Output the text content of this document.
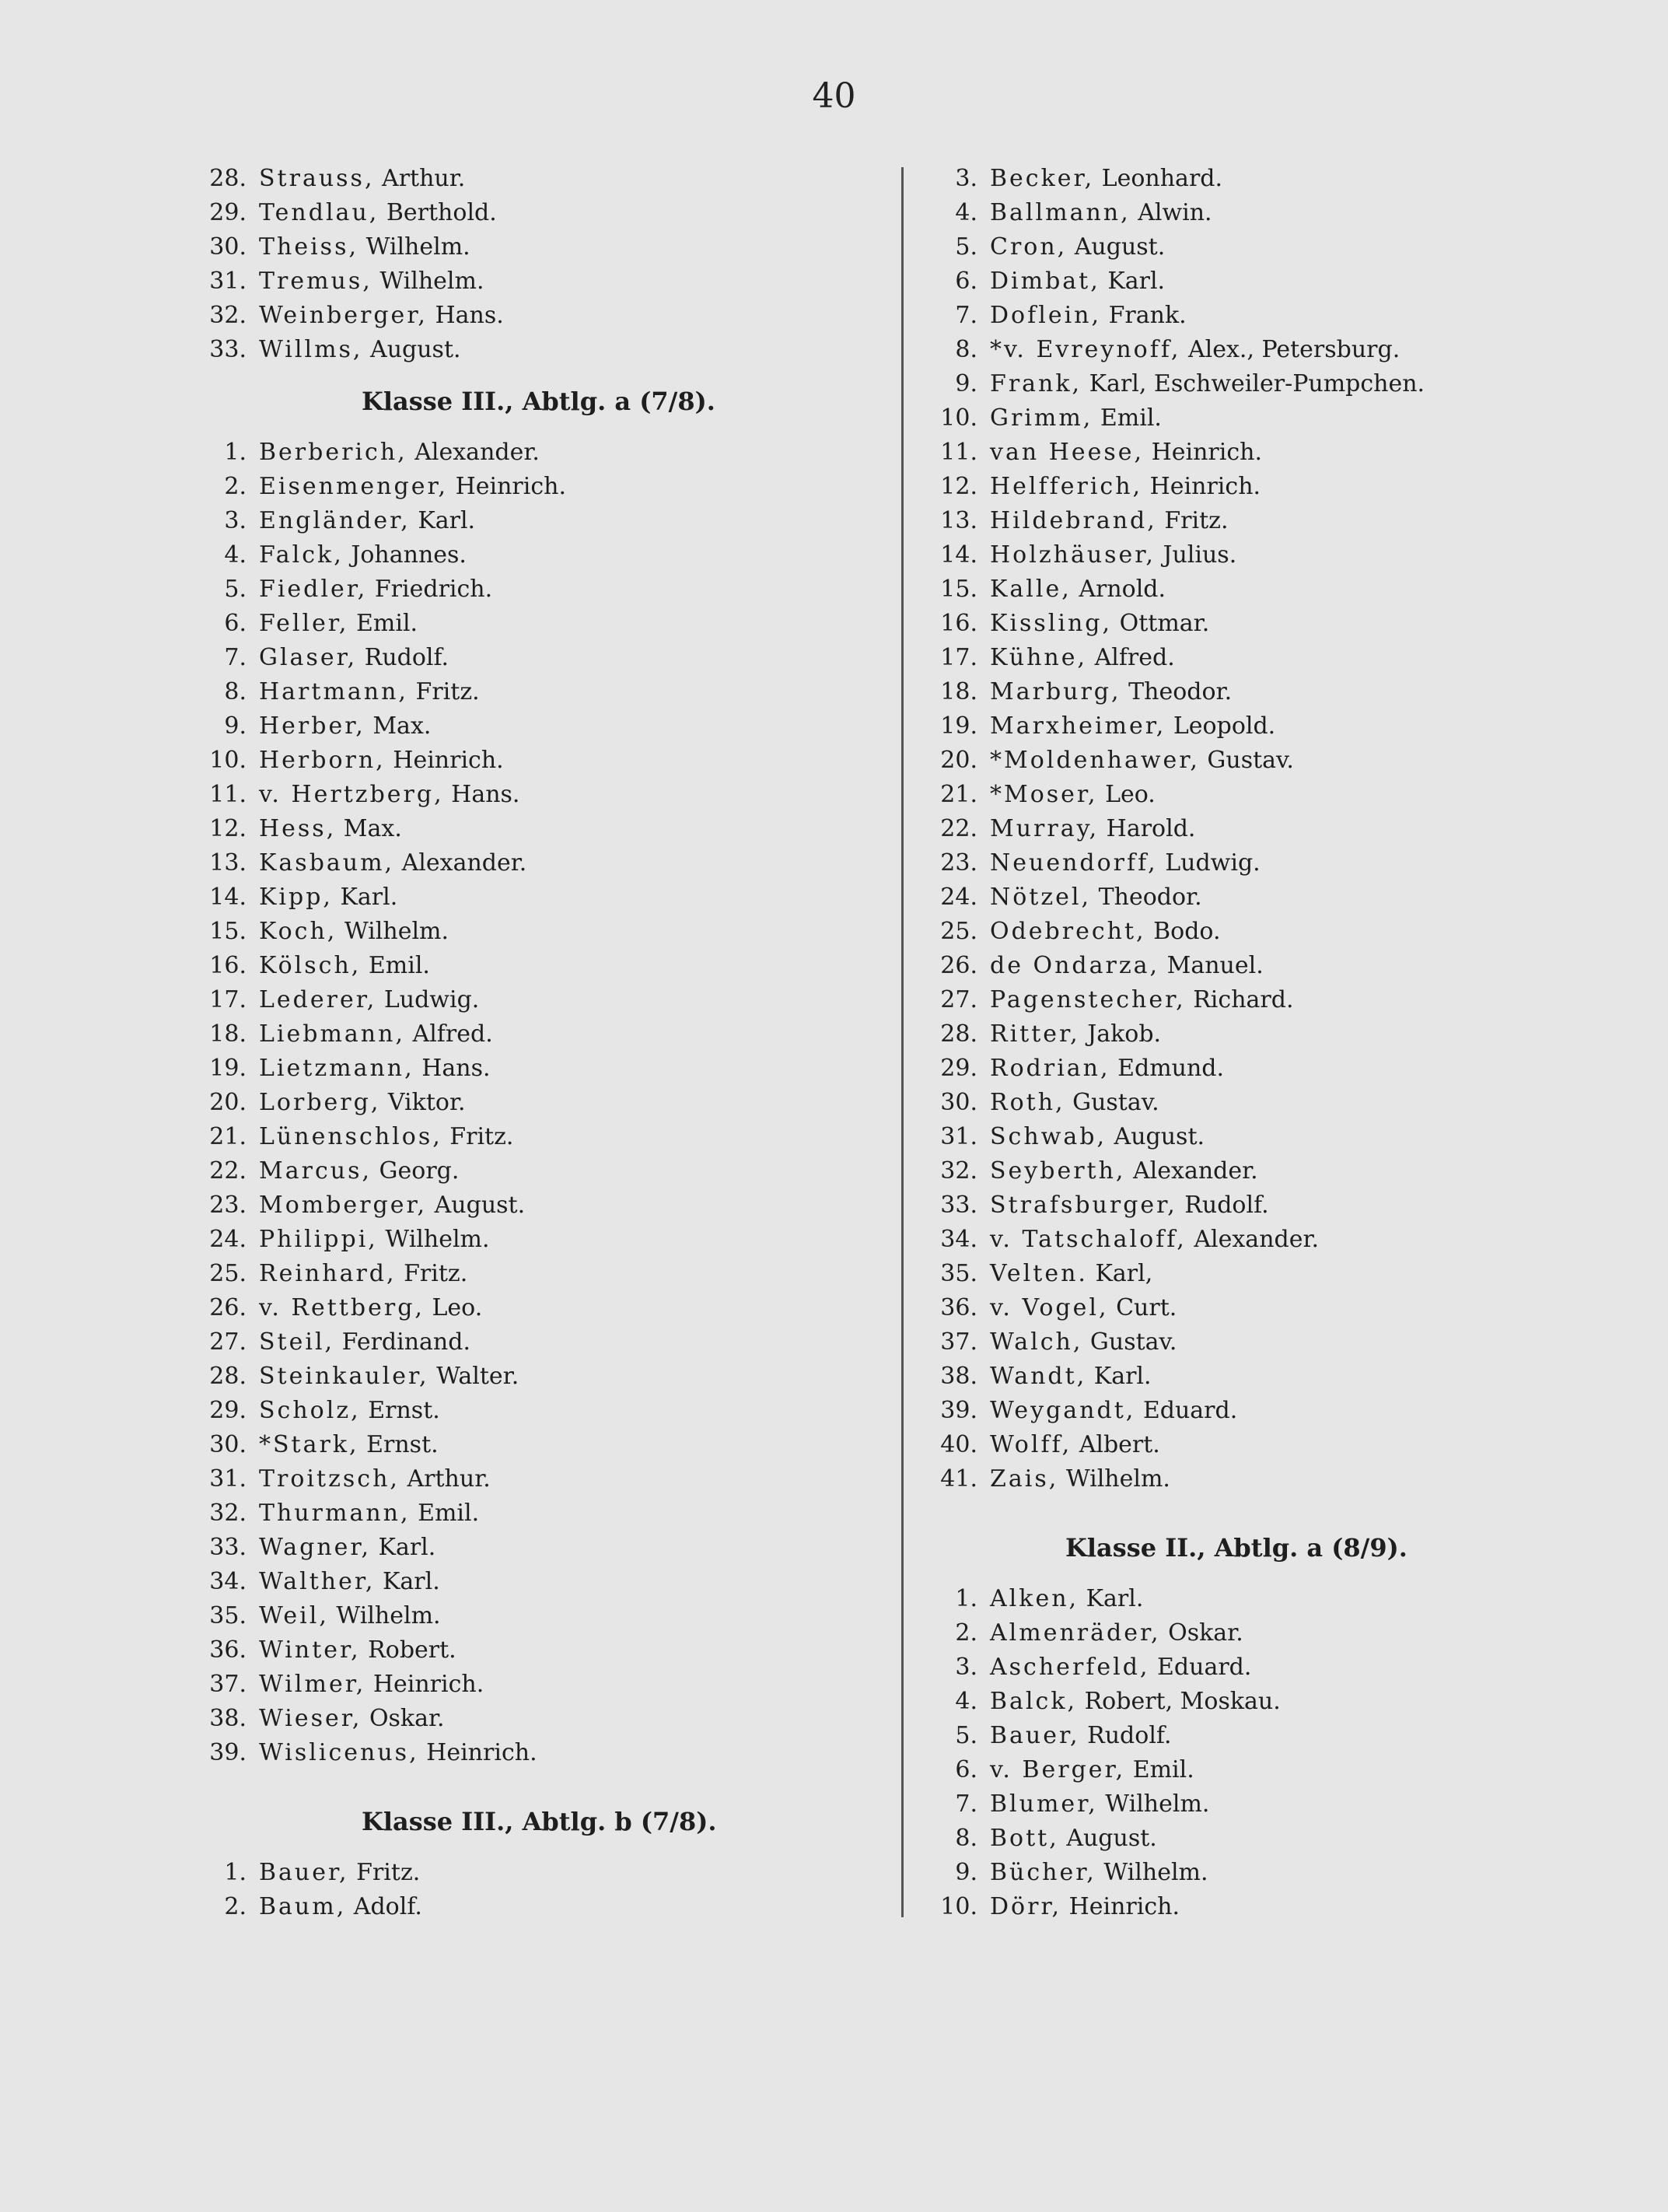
40
28. Strauss, Arthur.
29. Tendlau, Berthold.
30. Theiss, Wilhelm.
31. Tremus, Wilhelm.
32. Weinberger, Hans.
33. Willms, August.
Klasse III., Abtlg. a (7/8).
1. Berberich, Alexander.
2. Eisenmenger, Heinrich.
3. Engländer, Karl.
4. Falck, Johannes.
5. Fiedler, Friedrich.
6. Feller, Emil.
7. Glaser, Rudolf.
8. Hartmann, Fritz.
9. Herber, Max.
10. Herborn, Heinrich.
11. v. Hertzberg, Hans.
12. Hess, Max.
13. Kasbaum, Alexander.
14. Kipp, Karl.
15. Koch, Wilhelm.
16. Kölsch, Emil.
17. Lederer, Ludwig.
18. Liebmann, Alfred.
19. Lietzmann, Hans.
20. Lorberg, Viktor.
21. Lünenschlos, Fritz.
22. Marcus, Georg.
23. Momberger, August.
24. Philippi, Wilhelm.
25. Reinhard, Fritz.
26. v. Rettberg, Leo.
27. Steil, Ferdinand.
28. Steinkauler, Walter.
29. Scholz, Ernst.
30. *Stark, Ernst.
31. Troitzsch, Arthur.
32. Thurmann, Emil.
33. Wagner, Karl.
34. Walther, Karl.
35. Weil, Wilhelm.
36. Winter, Robert.
37. Wilmer, Heinrich.
38. Wieser, Oskar.
39. Wislicenus, Heinrich.
Klasse III., Abtlg. b (7/8).
1. Bauer, Fritz.
2. Baum, Adolf.
3. Becker, Leonhard.
4. Ballmann, Alwin.
5. Cron, August.
6. Dimbat, Karl.
7. Doflein, Frank.
8. *v. Evreynoff, Alex., Petersburg.
9. Frank, Karl, Eschweiler-Pumpchen.
10. Grimm, Emil.
11. van Heese, Heinrich.
12. Helfferich, Heinrich.
13. Hildebrand, Fritz.
14. Holzhäuser, Julius.
15. Kalle, Arnold.
16. Kissling, Ottmar.
17. Kühne, Alfred.
18. Marburg, Theodor.
19. Marxheimer, Leopold.
20. *Moldenhawer, Gustav.
21. *Moser, Leo.
22. Murray, Harold.
23. Neuendorff, Ludwig.
24. Nötzel, Theodor.
25. Odebrecht, Bodo.
26. de Ondarza, Manuel.
27. Pagenstecher, Richard.
28. Ritter, Jakob.
29. Rodrian, Edmund.
30. Roth, Gustav.
31. Schwab, August.
32. Seyberth, Alexander.
33. Strafsburger, Rudolf.
34. v. Tatschaloff, Alexander.
35. Velten. Karl,
36. v. Vogel, Curt.
37. Walch, Gustav.
38. Wandt, Karl.
39. Weygandt, Eduard.
40. Wolff, Albert.
41. Zais, Wilhelm.
Klasse II., Abtlg. a (8/9).
1. Alken, Karl.
2. Almenräder, Oskar.
3. Ascherfeld, Eduard.
4. Balck, Robert, Moskau.
5. Bauer, Rudolf.
6. v. Berger, Emil.
7. Blumer, Wilhelm.
8. Bott, August.
9. Bücher, Wilhelm.
10. Dörr, Heinrich.
